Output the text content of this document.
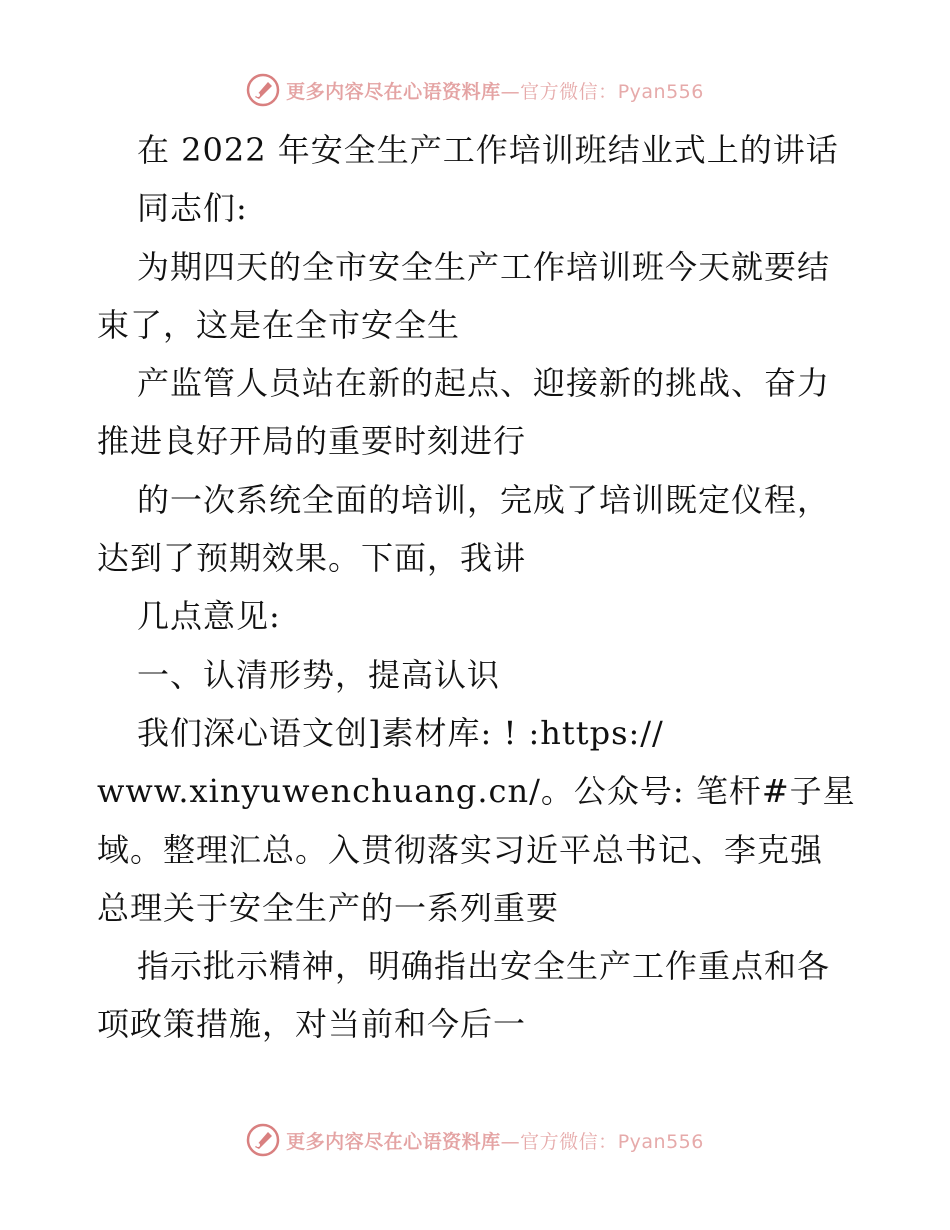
更多内容尽在心语资料库—官方微信：Pyan556
在 2022 年安全生产工作培训班结业式上的讲话
同志们:
为期四天的全市安全生产工作培训班今天就要结
束了，这是在全市安全生
产监管人员站在新的起点、迎接新的挑战、奋力
推进良好开局的重要时刻进行
的一次系统全面的培训，完成了培训既定仪程，
达到了预期效果。下面，我讲
几点意见:
一、认清形势，提高认识
我们深心语文创]素材库: ! :https://
www.xinyuwenchuang.cn/。公众号: 笔杆#子星
域。整理汇总。入贯彻落实习近平总书记、李克强
总理关于安全生产的一系列重要
指示批示精神，明确指出安全生产工作重点和各
项政策措施，对当前和今后一
更多内容尽在心语资料库—官方微信：Pyan556
